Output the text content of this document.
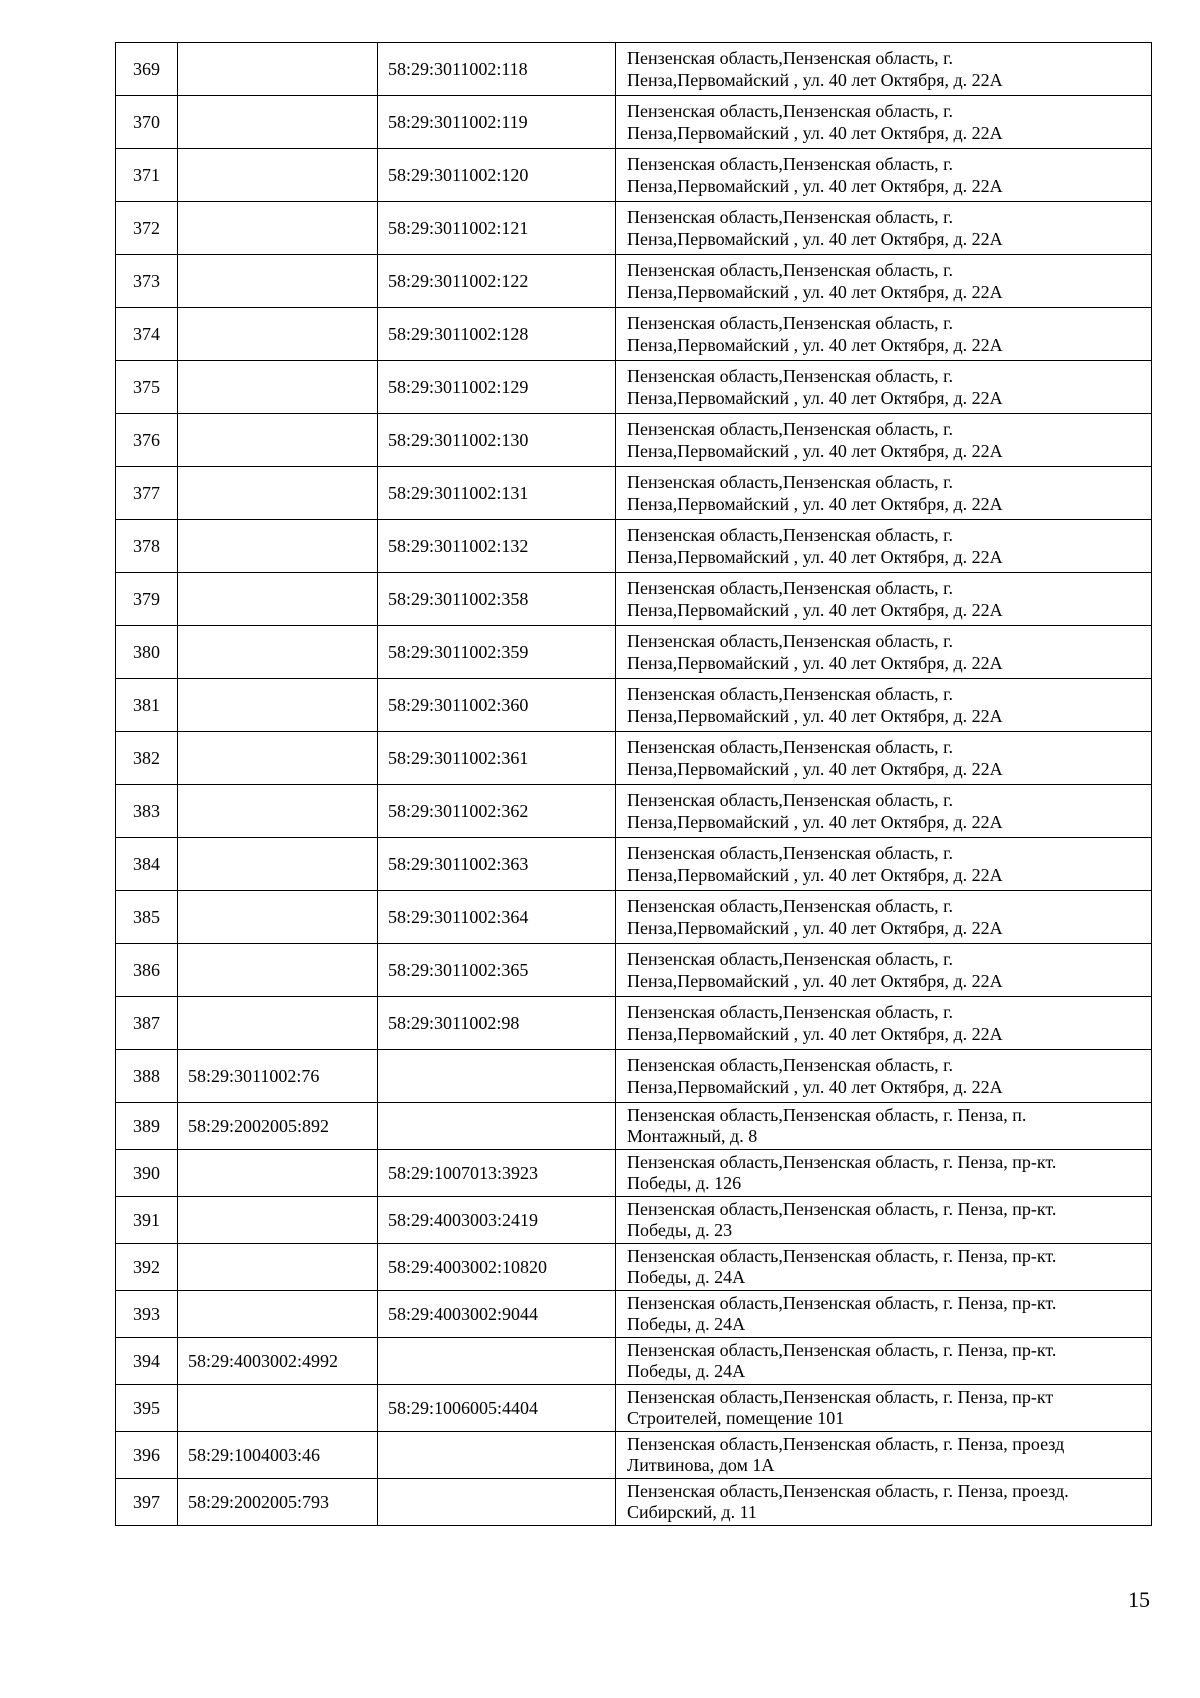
369		58:29:3011002:118	Пензенская область,Пензенская область, г.
Пенза,Первомайский , ул. 40 лет Октября, д. 22А

370		58:29:3011002:119	Пензенская область,Пензенская область, г.
Пенза,Первомайский , ул. 40 лет Октября, д. 22А

371		58:29:3011002:120	Пензенская область,Пензенская область, г.
Пенза,Первомайский , ул. 40 лет Октября, д. 22А

372		58:29:3011002:121	Пензенская область,Пензенская область, г.
Пенза,Первомайский , ул. 40 лет Октября, д. 22А

373		58:29:3011002:122	Пензенская область,Пензенская область, г.
Пенза,Первомайский , ул. 40 лет Октября, д. 22А

374		58:29:3011002:128	Пензенская область,Пензенская область, г.
Пенза,Первомайский , ул. 40 лет Октября, д. 22А

375		58:29:3011002:129	Пензенская область,Пензенская область, г.
Пенза,Первомайский , ул. 40 лет Октября, д. 22А

376		58:29:3011002:130	Пензенская область,Пензенская область, г.
Пенза,Первомайский , ул. 40 лет Октября, д. 22А

377		58:29:3011002:131	Пензенская область,Пензенская область, г.
Пенза,Первомайский , ул. 40 лет Октября, д. 22А

378		58:29:3011002:132	Пензенская область,Пензенская область, г.
Пенза,Первомайский , ул. 40 лет Октября, д. 22А

379		58:29:3011002:358	Пензенская область,Пензенская область, г.
Пенза,Первомайский , ул. 40 лет Октября, д. 22А

380		58:29:3011002:359	Пензенская область,Пензенская область, г.
Пенза,Первомайский , ул. 40 лет Октября, д. 22А

381		58:29:3011002:360	Пензенская область,Пензенская область, г.
Пенза,Первомайский , ул. 40 лет Октября, д. 22А

382		58:29:3011002:361	Пензенская область,Пензенская область, г.
Пенза,Первомайский , ул. 40 лет Октября, д. 22А

383		58:29:3011002:362	Пензенская область,Пензенская область, г.
Пенза,Первомайский , ул. 40 лет Октября, д. 22А

384		58:29:3011002:363	Пензенская область,Пензенская область, г.
Пенза,Первомайский , ул. 40 лет Октября, д. 22А

385		58:29:3011002:364	Пензенская область,Пензенская область, г.
Пенза,Первомайский , ул. 40 лет Октября, д. 22А

386		58:29:3011002:365	Пензенская область,Пензенская область, г.
Пенза,Первомайский , ул. 40 лет Октября, д. 22А

387		58:29:3011002:98	Пензенская область,Пензенская область, г.
Пенза,Первомайский , ул. 40 лет Октября, д. 22А

388	58:29:3011002:76		Пензенская область,Пензенская область, г.
Пенза,Первомайский , ул. 40 лет Октября, д. 22А

389	58:29:2002005:892		Пензенская область,Пензенская область, г. Пенза, п.
Монтажный, д. 8

390		58:29:1007013:3923	Пензенская область,Пензенская область, г. Пенза, пр-кт.
Победы, д. 126

391		58:29:4003003:2419	Пензенская область,Пензенская область, г. Пенза, пр-кт.
Победы, д. 23

392		58:29:4003002:10820	Пензенская область,Пензенская область, г. Пенза, пр-кт.
Победы, д. 24А

393		58:29:4003002:9044	Пензенская область,Пензенская область, г. Пенза, пр-кт.
Победы, д. 24А

394	58:29:4003002:4992		Пензенская область,Пензенская область, г. Пенза, пр-кт.
Победы, д. 24А

395		58:29:1006005:4404	Пензенская область,Пензенская область, г. Пенза, пр-кт
Строителей, помещение 101

396	58:29:1004003:46		Пензенская область,Пензенская область, г. Пенза, проезд
Литвинова, дом 1А

397	58:29:2002005:793		Пензенская область,Пензенская область, г. Пенза, проезд.
Сибирский, д. 11
15
